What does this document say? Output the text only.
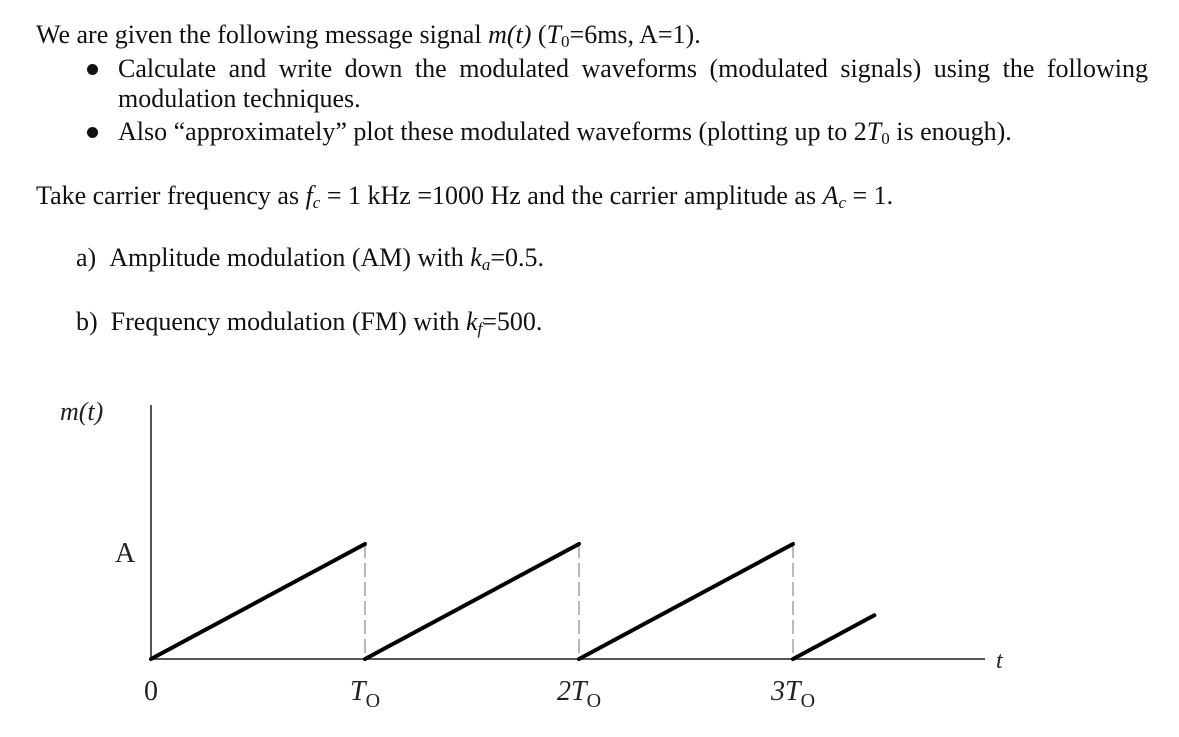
We are given the following message signal m(t) ($T_0=6ms$, A=1).
Calculate and write down the modulated waveforms (modulated signals) using the following modulation techniques.
Also “approximately” plot these modulated waveforms (plotting up to $2T_0$ is enough).
Take carrier frequency as $f_c = 1$ kHz =1000 Hz and the carrier amplitude as $A_c = 1$.
a) Amplitude modulation (AM) with $k_a=0.5$.
b) Frequency modulation (FM) with $k_f=500$.
m(t)
t
A
0	$T_O$	$2T_O$	$3T_O$
